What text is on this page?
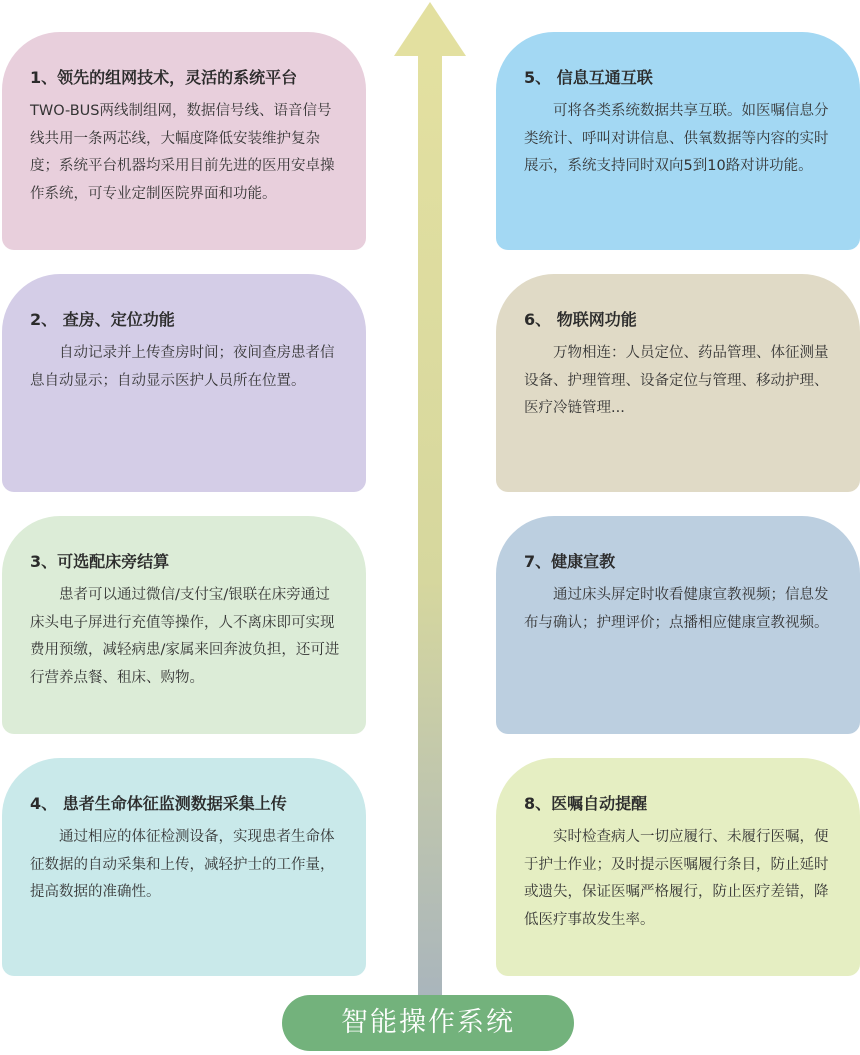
1、领先的组网技术，灵活的系统平台
TWO-BUS两线制组网，数据信号线、语音信号线共用一条两芯线，大幅度降低安装维护复杂度；系统平台机器均采用目前先进的医用安卓操作系统，可专业定制医院界面和功能。
5、 信息互通互联
可将各类系统数据共享互联。如医嘱信息分类统计、呼叫对讲信息、供氧数据等内容的实时展示，系统支持同时双向5到10路对讲功能。
2、 查房、定位功能
自动记录并上传查房时间；夜间查房患者信息自动显示；自动显示医护人员所在位置。
6、 物联网功能
万物相连：人员定位、药品管理、体征测量设备、护理管理、设备定位与管理、移动护理、医疗冷链管理...
3、可选配床旁结算
患者可以通过微信/支付宝/银联在床旁通过床头电子屏进行充值等操作，人不离床即可实现费用预缴，减轻病患/家属来回奔波负担，还可进行营养点餐、租床、购物。
7、健康宣教
通过床头屏定时收看健康宣教视频；信息发布与确认；护理评价；点播相应健康宣教视频。
4、 患者生命体征监测数据采集上传
通过相应的体征检测设备，实现患者生命体征数据的自动采集和上传，减轻护士的工作量，提高数据的准确性。
8、医嘱自动提醒
实时检查病人一切应履行、未履行医嘱，便于护士作业；及时提示医嘱履行条目，防止延时或遗失，保证医嘱严格履行，防止医疗差错，降低医疗事故发生率。
智能操作系统
